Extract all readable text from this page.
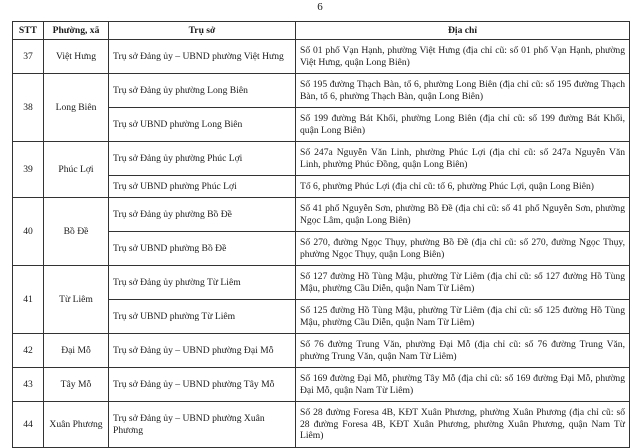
6
STT	Phường, xã	Trụ sở	Địa chỉ
37	Việt Hưng	Trụ sở Đảng ủy – UBND phường Việt Hưng	Số 01 phố Vạn Hạnh, phường Việt Hưng (địa chỉ cũ: số 01 phố Vạn Hạnh, phường Việt Hưng, quận Long Biên)
38	Long Biên	Trụ sở Đảng ủy phường Long Biên	Số 195 đường Thạch Bàn, tổ 6, phường Long Biên (địa chỉ cũ: số 195 đường Thạch Bàn, tổ 6, phường Thạch Bàn, quận Long Biên)
		Trụ sở UBND phường Long Biên	Số 199 đường Bát Khối, phường Long Biên (địa chỉ cũ: số 199 đường Bát Khối, quận Long Biên)
39	Phúc Lợi	Trụ sở Đảng ủy phường Phúc Lợi	Số 247a Nguyễn Văn Linh, phường Phúc Lợi (địa chỉ cũ: số 247a Nguyễn Văn Linh, phường Phúc Đồng, quận Long Biên)
		Trụ sở UBND phường Phúc Lợi	Tổ 6, phường Phúc Lợi (địa chỉ cũ: tổ 6, phường Phúc Lợi, quận Long Biên)
40	Bồ Đề	Trụ sở Đảng ủy phường Bồ Đề	Số 41 phố Nguyễn Sơn, phường Bồ Đề (địa chỉ cũ: số 41 phố Nguyễn Sơn, phường Ngọc Lâm, quận Long Biên)
		Trụ sở UBND phường Bồ Đề	Số 270, đường Ngọc Thụy, phường Bồ Đề (địa chỉ cũ: số 270, đường Ngọc Thụy, phường Ngọc Thụy, quận Long Biên)
41	Từ Liêm	Trụ sở Đảng ủy phường Từ Liêm	Số 127 đường Hồ Tùng Mậu, phường Từ Liêm (địa chỉ cũ: số 127 đường Hồ Tùng Mậu, phường Cầu Diễn, quận Nam Từ Liêm)
		Trụ sở UBND phường Từ Liêm	Số 125 đường Hồ Tùng Mậu, phường Từ Liêm (địa chỉ cũ: số 125 đường Hồ Tùng Mậu, phường Cầu Diễn, quận Nam Từ Liêm)
42	Đại Mỗ	Trụ sở Đảng ủy – UBND phường Đại Mỗ	Số 76 đường Trung Văn, phường Đại Mỗ (địa chỉ cũ: số 76 đường Trung Văn, phường Trung Văn, quận Nam Từ Liêm)
43	Tây Mỗ	Trụ sở Đảng ủy – UBND phường Tây Mỗ	Số 169 đường Đại Mỗ, phường Tây Mỗ (địa chỉ cũ: số 169 đường Đại Mỗ, phường Đại Mỗ, quận Nam Từ Liêm)
44	Xuân Phương	Trụ sở Đảng ủy – UBND phường Xuân Phương	Số 28 đường Foresa 4B, KĐT Xuân Phương, phường Xuân Phương (địa chỉ cũ: số 28 đường Foresa 4B, KĐT Xuân Phương, phường Xuân Phương, quận Nam Từ Liêm)
